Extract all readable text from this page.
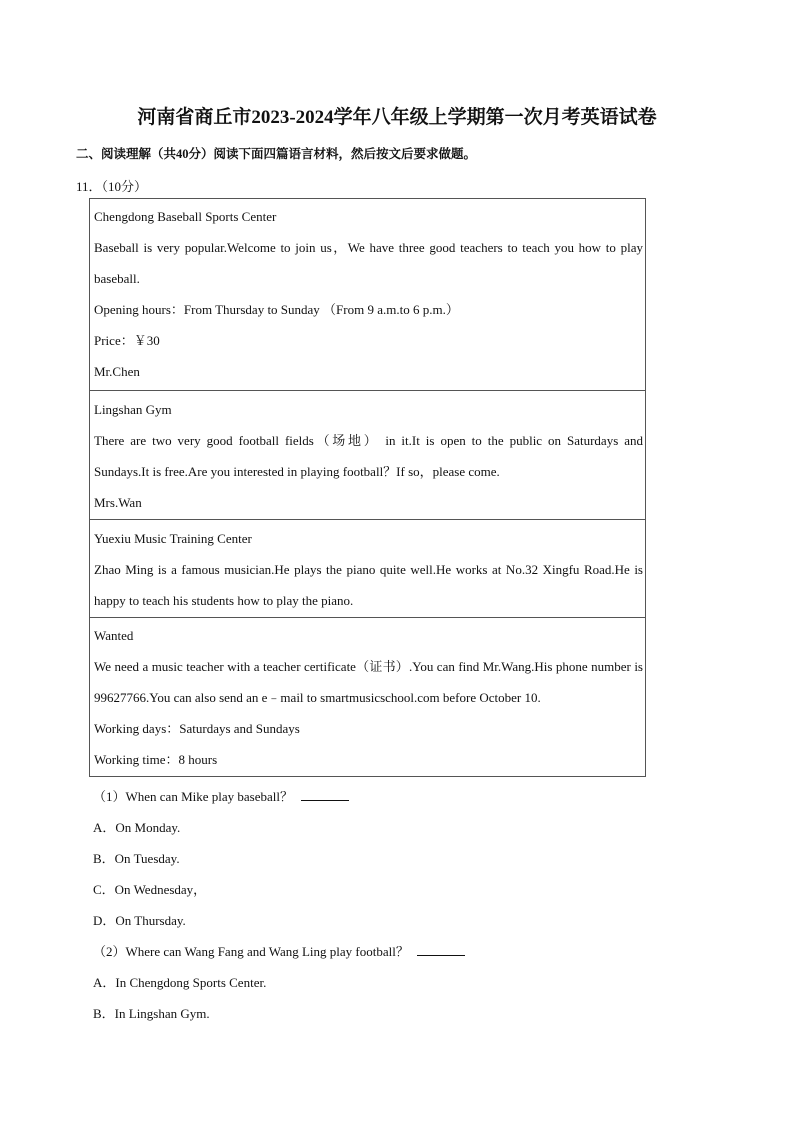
河南省商丘市2023-2024学年八年级上学期第一次月考英语试卷
二、阅读理解（共40分）阅读下面四篇语言材料，然后按文后要求做题。
11．（10分）
Chengdong Baseball Sports Center
Baseball is very popular.Welcome to join us，We have three good teachers to teach you how to play baseball.
Opening hours：From Thursday to Sunday （From 9 a.m.to 6 p.m.）
Price：￥30
Mr.Chen
Lingshan Gym
There are two very good football fields（场地） in it.It is open to the public on Saturdays and Sundays.It is free.Are you interested in playing football？If so，please come.
Mrs.Wan
Yuexiu Music Training Center
Zhao Ming is a famous musician.He plays the piano quite well.He works at No.32 Xingfu Road.He is happy to teach his students how to play the piano.
Wanted
We need a music teacher with a teacher certificate（证书）.You can find Mr.Wang.His phone number is 99627766.You can also send an e﹣mail to smartmusicschool.com before October 10.
Working days：Saturdays and Sundays
Working time：8 hours
（1）When can Mike play baseball？
A．On Monday.
B．On Tuesday.
C．On Wednesday，
D．On Thursday.
（2）Where can Wang Fang and Wang Ling play football？
A．In Chengdong Sports Center.
B．In Lingshan Gym.
